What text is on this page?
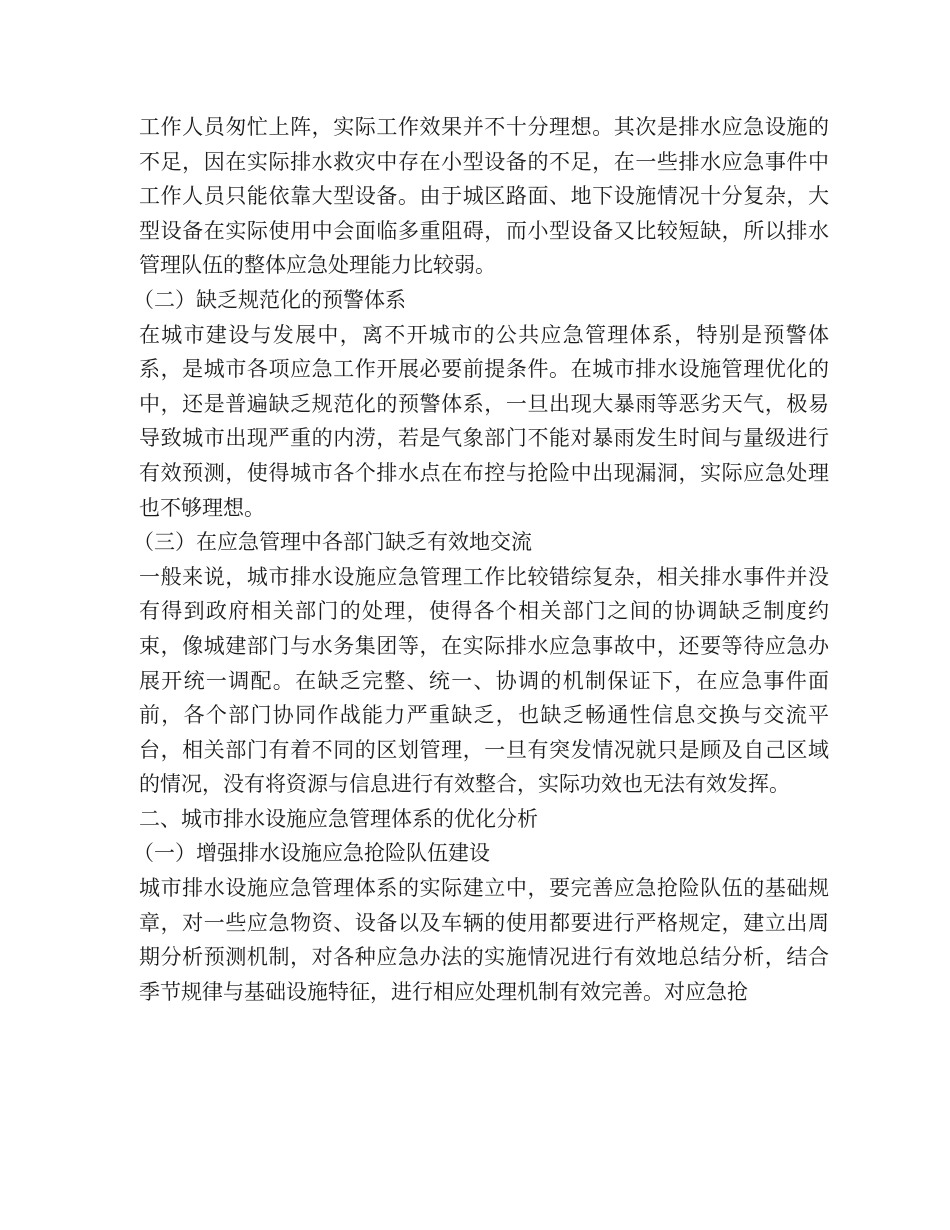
工作人员匆忙上阵，实际工作效果并不十分理想。其次是排水应急设施的不足，因在实际排水救灾中存在小型设备的不足，在一些排水应急事件中工作人员只能依靠大型设备。由于城区路面、地下设施情况十分复杂，大型设备在实际使用中会面临多重阻碍，而小型设备又比较短缺，所以排水管理队伍的整体应急处理能力比较弱。

（二）缺乏规范化的预警体系

在城市建设与发展中，离不开城市的公共应急管理体系，特别是预警体系，是城市各项应急工作开展必要前提条件。在城市排水设施管理优化的中，还是普遍缺乏规范化的预警体系，一旦出现大暴雨等恶劣天气，极易导致城市出现严重的内涝，若是气象部门不能对暴雨发生时间与量级进行有效预测，使得城市各个排水点在布控与抢险中出现漏洞，实际应急处理也不够理想。

（三）在应急管理中各部门缺乏有效地交流

一般来说，城市排水设施应急管理工作比较错综复杂，相关排水事件并没有得到政府相关部门的处理，使得各个相关部门之间的协调缺乏制度约束，像城建部门与水务集团等，在实际排水应急事故中，还要等待应急办展开统一调配。在缺乏完整、统一、协调的机制保证下，在应急事件面前，各个部门协同作战能力严重缺乏，也缺乏畅通性信息交换与交流平台，相关部门有着不同的区划管理，一旦有突发情况就只是顾及自己区域的情况，没有将资源与信息进行有效整合，实际功效也无法有效发挥。

二、城市排水设施应急管理体系的优化分析

（一）增强排水设施应急抢险队伍建设

城市排水设施应急管理体系的实际建立中，要完善应急抢险队伍的基础规章，对一些应急物资、设备以及车辆的使用都要进行严格规定，建立出周期分析预测机制，对各种应急办法的实施情况进行有效地总结分析，结合季节规律与基础设施特征，进行相应处理机制有效完善。对应急抢
